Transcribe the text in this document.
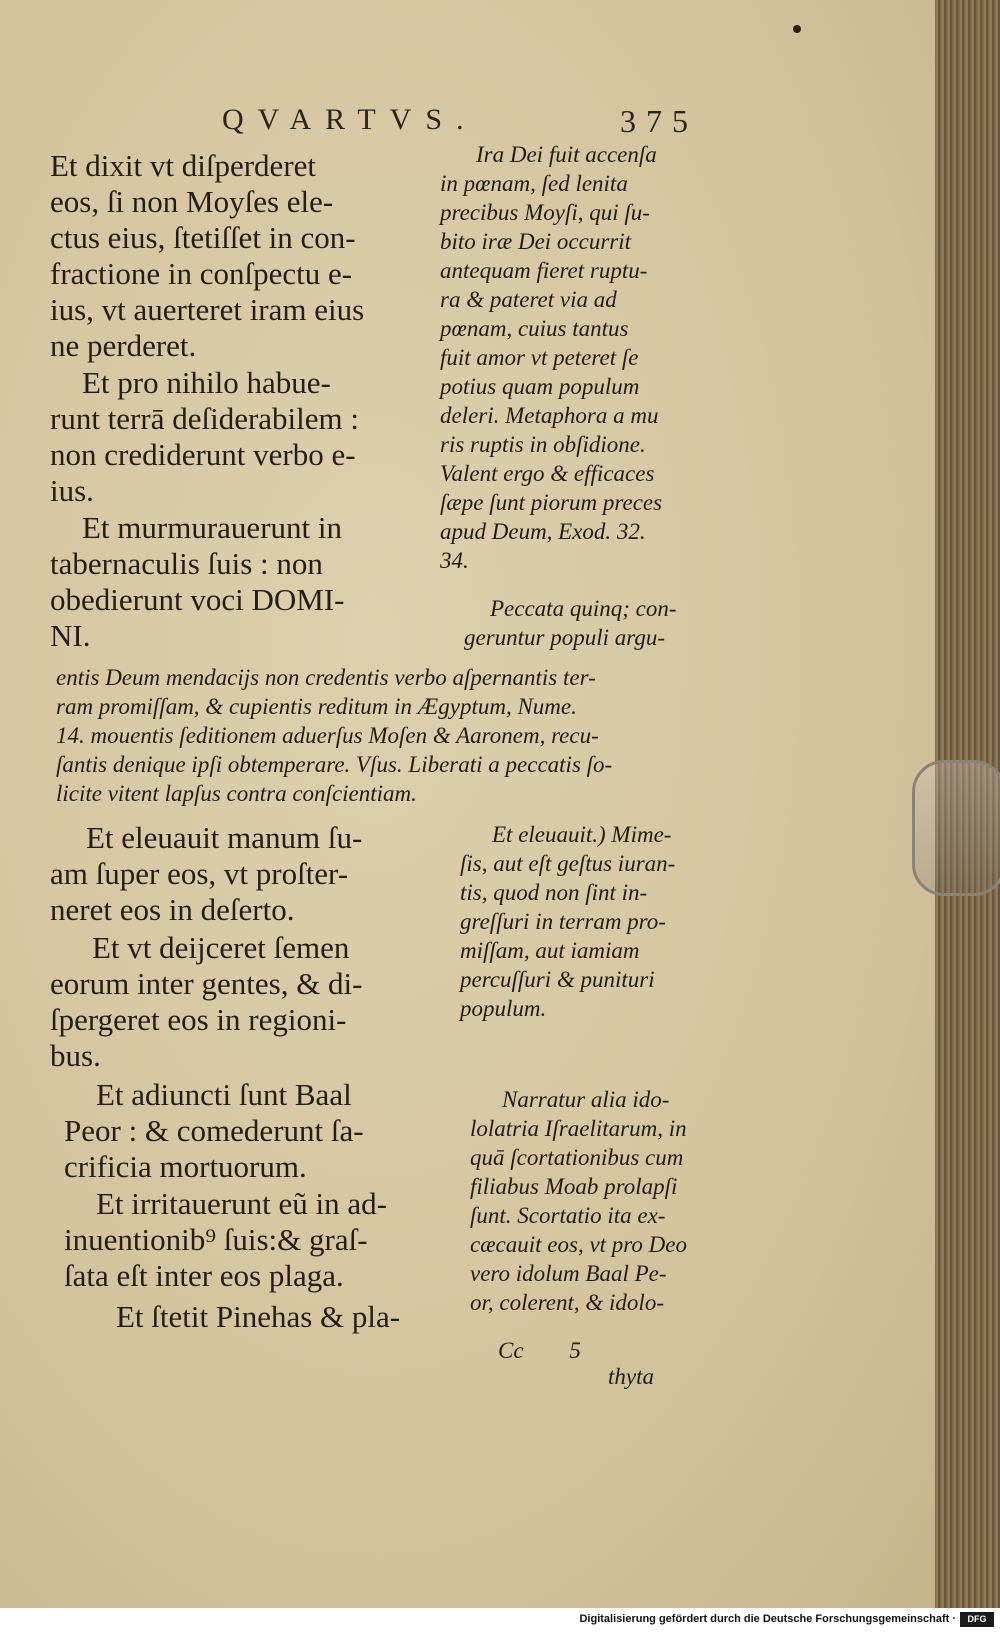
QVARTVS.	375

Et dixit vt diſperderet

eos, ſi non Moyſes ele-

ctus eius, ſtetiſſet in con-

fractione in conſpectu e-

ius, vt auerteret iram eius

ne perderet.

Et pro nihilo habue-

runt terrā deſiderabilem :

non crediderunt verbo e-

ius.

Et murmurauerunt in

tabernaculis ſuis : non

obedierunt voci DOMI-

NI.

Et eleuauit manum ſu-

am ſuper eos, vt proſter-

neret eos in deſerto.

Et vt deijceret ſemen

eorum inter gentes, & di-

ſpergeret eos in regioni-

bus.

Et adiuncti ſunt Baal

Peor : & comederunt ſa-

crificia mortuorum.

Et irritauerunt eũ in ad-

inuentionib⁹ ſuis:& graſ-

ſata eſt inter eos plaga.

Et ſtetit Pinehas & pla-

Ira Dei fuit accenſa

in pœnam, ſed lenita

precibus Moyſi, qui ſu-

bito iræ Dei occurrit

antequam fieret ruptu-

ra & pateret via ad

pœnam, cuius tantus

fuit amor vt peteret ſe

potius quam populum

deleri. Metaphora a mu

ris ruptis in obſidione.

Valent ergo & efficaces

ſæpe ſunt piorum preces

apud Deum, Exod. 32.

34.

Peccata quinq; con-

geruntur populi argu-

entis Deum mendacijs non credentis verbo aſpernantis ter-

ram promiſſam, & cupientis reditum in Ægyptum, Nume.

14. mouentis ſeditionem aduerſus Moſen & Aaronem, recu-

ſantis denique ipſi obtemperare. Vſus. Liberati a peccatis ſo-

licite vitent lapſus contra conſcientiam.

Et eleuauit.) Mime-

ſis, aut eſt geſtus iuran-

tis, quod non ſint in-

greſſuri in terram pro-

miſſam, aut iamiam

percuſſuri & punituri

populum.

Narratur alia ido-

lolatria Iſraelitarum, in

quā ſcortationibus cum

filiabus Moab prolapſi

ſunt. Scortatio ita ex-

cæcauit eos, vt pro Deo

vero idolum Baal Pe-

or, colerent, & idolo-

Cc 5 thyta
Digitalisierung gefördert durch die Deutsche Forschungsgemeinschaft ·	DFG
